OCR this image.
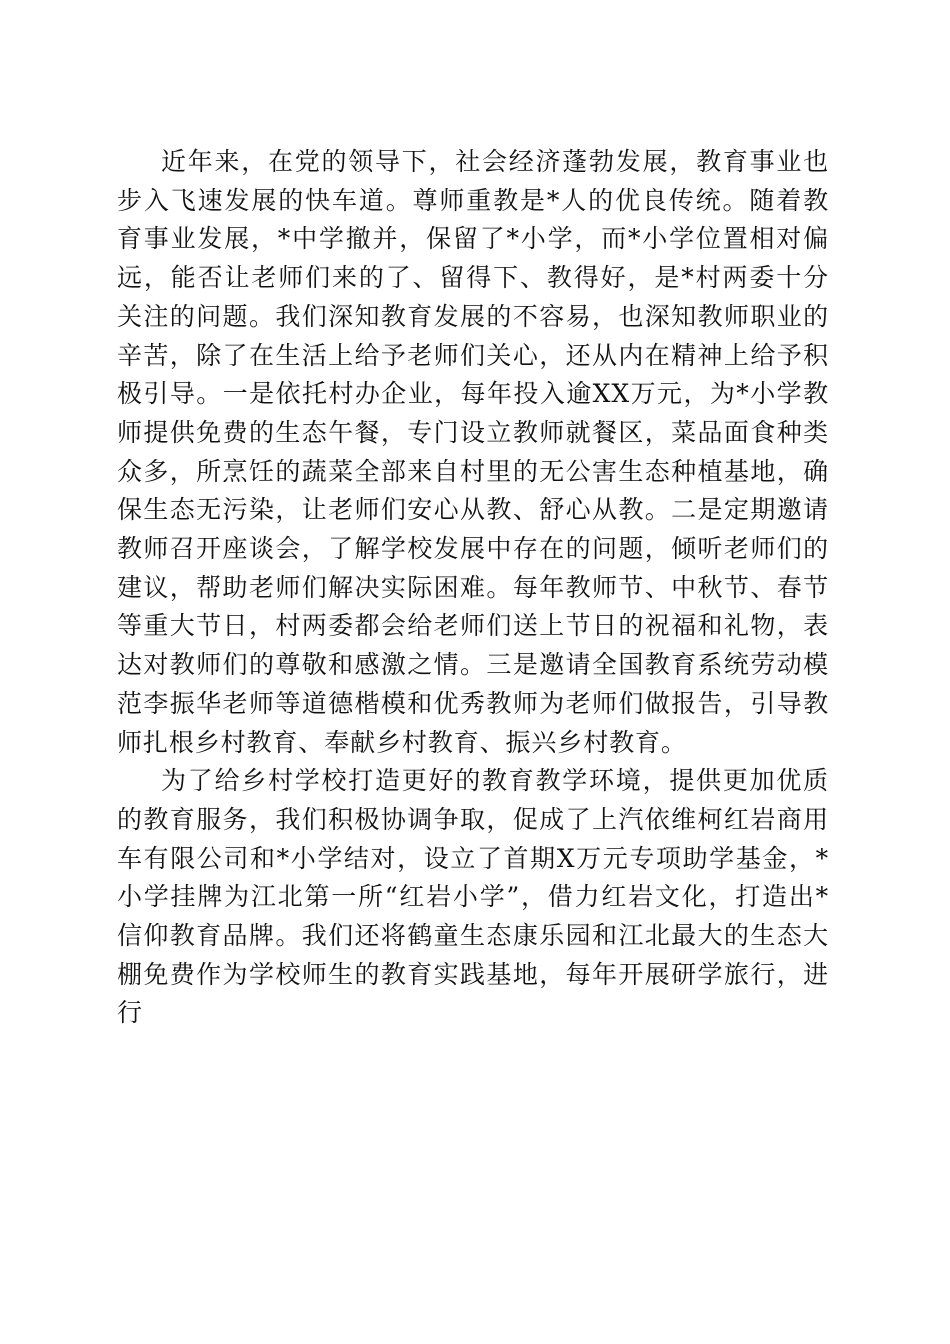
近年来，在党的领导下，社会经济蓬勃发展，教育事业也步入飞速发展的快车道。尊师重教是*人的优良传统。随着教育事业发展，*中学撤并，保留了*小学，而*小学位置相对偏远，能否让老师们来的了、留得下、教得好，是*村两委十分关注的问题。我们深知教育发展的不容易，也深知教师职业的辛苦，除了在生活上给予老师们关心，还从内在精神上给予积极引导。一是依托村办企业，每年投入逾XX万元，为*小学教师提供免费的生态午餐，专门设立教师就餐区，菜品面食种类众多，所烹饪的蔬菜全部来自村里的无公害生态种植基地，确保生态无污染，让老师们安心从教、舒心从教。二是定期邀请教师召开座谈会，了解学校发展中存在的问题，倾听老师们的建议，帮助老师们解决实际困难。每年教师节、中秋节、春节等重大节日，村两委都会给老师们送上节日的祝福和礼物，表达对教师们的尊敬和感激之情。三是邀请全国教育系统劳动模范李振华老师等道德楷模和优秀教师为老师们做报告，引导教师扎根乡村教育、奉献乡村教育、振兴乡村教育。

为了给乡村学校打造更好的教育教学环境，提供更加优质的教育服务，我们积极协调争取，促成了上汽依维柯红岩商用车有限公司和*小学结对，设立了首期X万元专项助学基金，*小学挂牌为江北第一所“红岩小学”，借力红岩文化，打造出*信仰教育品牌。我们还将鹤童生态康乐园和江北最大的生态大棚免费作为学校师生的教育实践基地，每年开展研学旅行，进行
